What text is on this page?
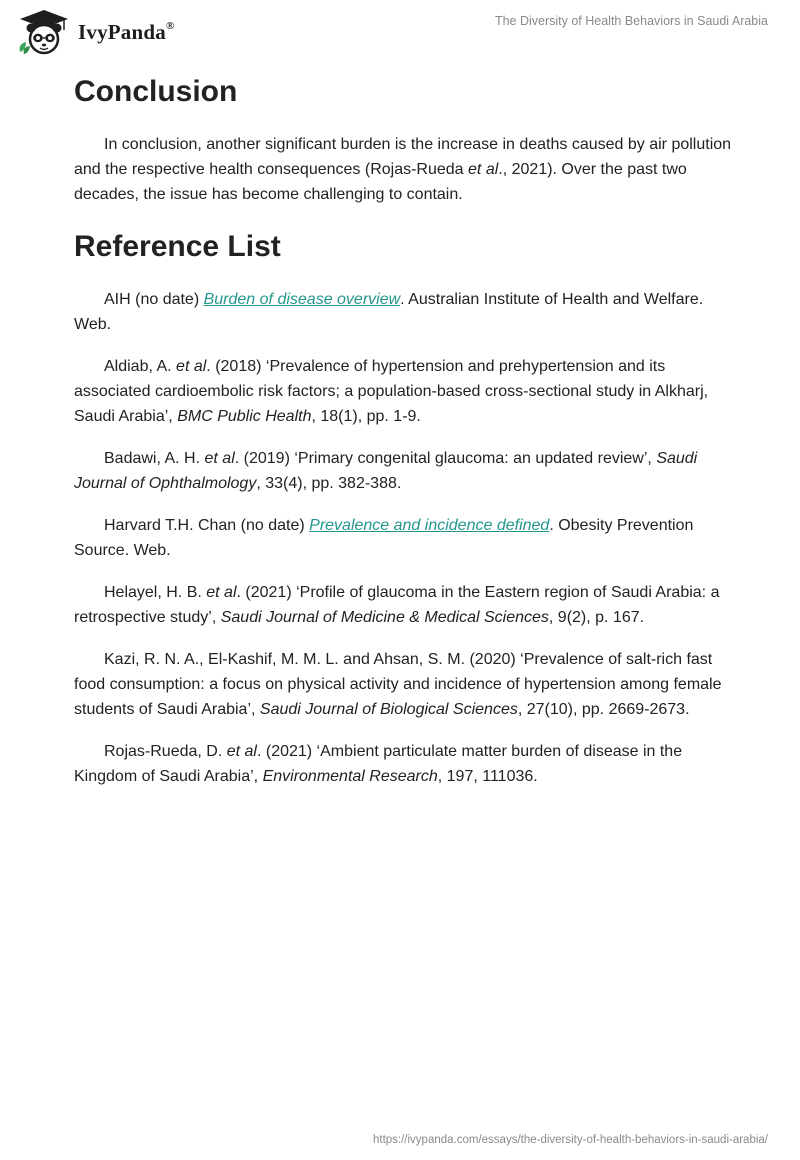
IvyPanda®	The Diversity of Health Behaviors in Saudi Arabia
Conclusion

In conclusion, another significant burden is the increase in deaths caused by air pollution and the respective health consequences (Rojas-Rueda et al., 2021). Over the past two decades, the issue has become challenging to contain.

Reference List

AIH (no date) Burden of disease overview. Australian Institute of Health and Welfare. Web.

Aldiab, A. et al. (2018) ‘Prevalence of hypertension and prehypertension and its associated cardioembolic risk factors; a population-based cross-sectional study in Alkharj, Saudi Arabia’, BMC Public Health, 18(1), pp. 1-9.

Badawi, A. H. et al. (2019) ‘Primary congenital glaucoma: an updated review’, Saudi Journal of Ophthalmology, 33(4), pp. 382-388.

Harvard T.H. Chan (no date) Prevalence and incidence defined. Obesity Prevention Source. Web.

Helayel, H. B. et al. (2021) ‘Profile of glaucoma in the Eastern region of Saudi Arabia: a retrospective study’, Saudi Journal of Medicine & Medical Sciences, 9(2), p. 167.

Kazi, R. N. A., El-Kashif, M. M. L. and Ahsan, S. M. (2020) ‘Prevalence of salt-rich fast food consumption: a focus on physical activity and incidence of hypertension among female students of Saudi Arabia’, Saudi Journal of Biological Sciences, 27(10), pp. 2669-2673.

Rojas-Rueda, D. et al. (2021) ‘Ambient particulate matter burden of disease in the Kingdom of Saudi Arabia’, Environmental Research, 197, 111036.

https://ivypanda.com/essays/the-diversity-of-health-behaviors-in-saudi-arabia/
